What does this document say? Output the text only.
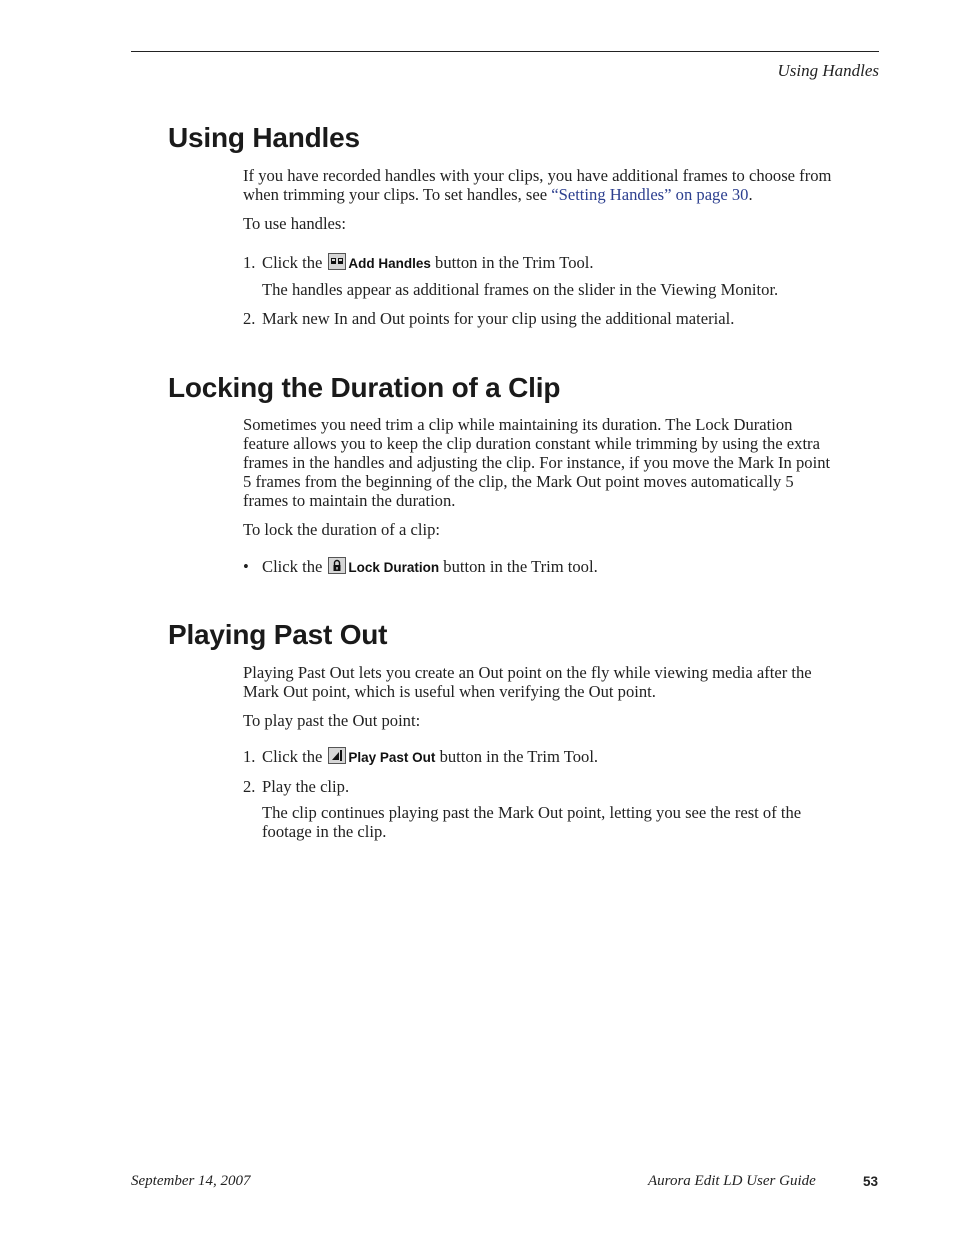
Using Handles
Using Handles

If you have recorded handles with your clips, you have additional frames to choose from when trimming your clips. To set handles, see “Setting Handles” on page 30.

To use handles:

1. Click the Add Handles button in the Trim Tool.

The handles appear as additional frames on the slider in the Viewing Monitor.

2. Mark new In and Out points for your clip using the additional material.

Locking the Duration of a Clip

Sometimes you need trim a clip while maintaining its duration. The Lock Duration feature allows you to keep the clip duration constant while trimming by using the extra frames in the handles and adjusting the clip. For instance, if you move the Mark In point 5 frames from the beginning of the clip, the Mark Out point moves automatically 5 frames to maintain the duration.

To lock the duration of a clip:

• Click the Lock Duration button in the Trim tool.

Playing Past Out

Playing Past Out lets you create an Out point on the fly while viewing media after the Mark Out point, which is useful when verifying the Out point.

To play past the Out point:

1. Click the Play Past Out button in the Trim Tool.

2. Play the clip.

The clip continues playing past the Mark Out point, letting you see the rest of the footage in the clip.

September 14, 2007	Aurora Edit LD User Guide	53
